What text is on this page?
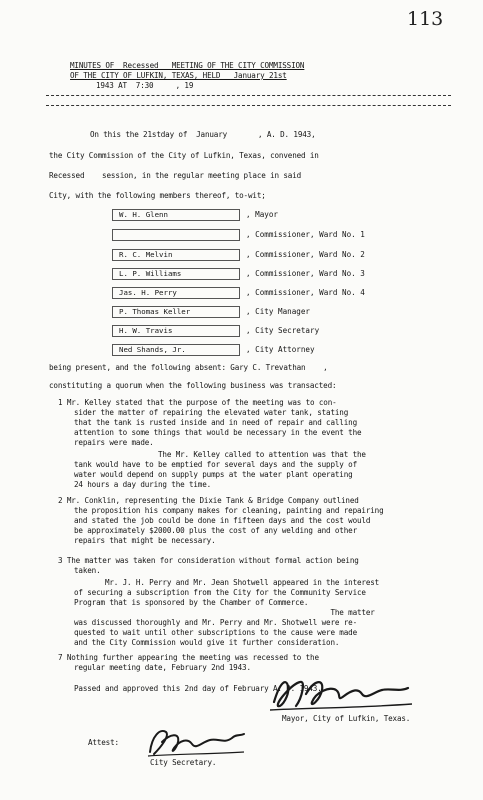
113
MINUTES OF  Recessed   MEETING OF THE CITY COMMISSION
OF THE CITY OF LUFKIN, TEXAS, HELD   January 21st
1943 AT  7:30     , 19
On this the 21stday of  January       , A. D. 1943,
the City Commission of the City of Lufkin, Texas, convened in
Recessed    session, in the regular meeting place in said
City, with the following members thereof, to-wit;
W. H. Glenn	, Mayor
, Commissioner, Ward No. 1
R. C. Melvin	, Commissioner, Ward No. 2
L. P. Williams	, Commissioner, Ward No. 3
Jas. H. Perry	, Commissioner, Ward No. 4
P. Thomas Keller	, City Manager
H. W. Travis	, City Secretary
Ned Shands, Jr.	, City Attorney
being present, and the following absent: Gary C. Trevathan    ,
constituting a quorum when the following business was transacted:
1 Mr. Kelley stated that the purpose of the meeting was to con-
sider the matter of repairing the elevated water tank, stating
that the tank is rusted inside and in need of repair and calling
attention to some things that would be necessary in the event the
repairs were made.
The Mr. Kelley called to attention was that the
tank would have to be emptied for several days and the supply of
water would depend on supply pumps at the water plant operating
24 hours a day during the time.
2 Mr. Conklin, representing the Dixie Tank & Bridge Company outlined
the proposition his company makes for cleaning, painting and repairing
and stated the job could be done in fifteen days and the cost would
be approximately $2000.00 plus the cost of any welding and other
repairs that might be necessary.
3 The matter was taken for consideration without formal action being
taken.
Mr. J. H. Perry and Mr. Jean Shotwell appeared in the interest
of securing a subscription from the City for the Community Service
Program that is sponsored by the Chamber of Commerce.
The matter
was discussed thoroughly and Mr. Perry and Mr. Shotwell were re-
quested to wait until other subscriptions to the cause were made
and the City Commission would give it further consideration.
7 Nothing further appearing the meeting was recessed to the
regular meeting date, February 2nd 1943.
Passed and approved this 2nd day of February A. D. 1943.
Mayor, City of Lufkin, Texas.
Attest:
City Secretary.
